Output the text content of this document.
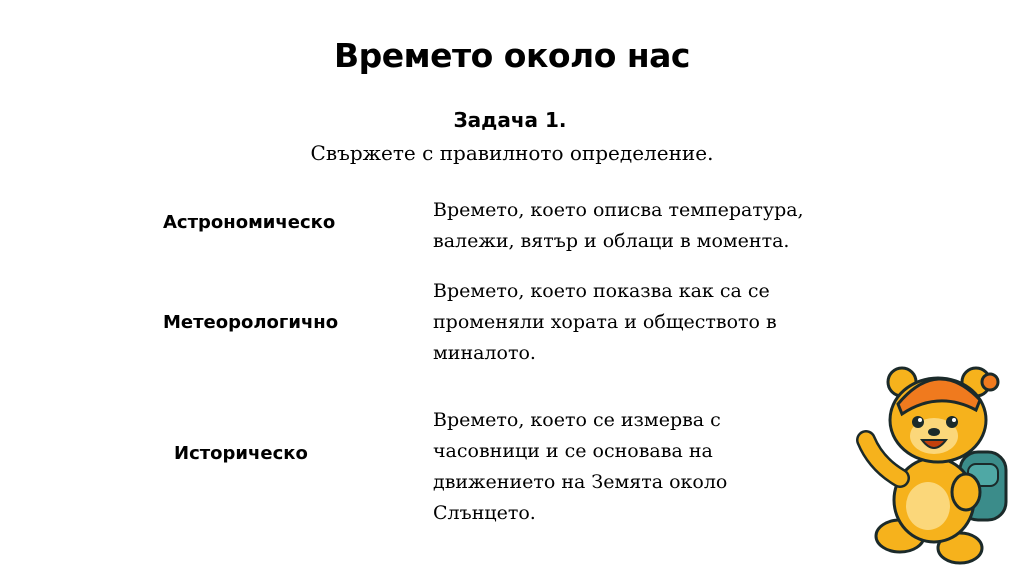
Времето около нас
Задача 1.
Свържете с правилното определение.
Астрономическо
Метеорологично
Историческо
Времето, което описва температура, валежи, вятър и облаци в момента.
Времето, което показва как са се променяли хората и обществото в миналото.
Времето, което се измерва с часовници и се основава на движението на Земята около Слънцето.
